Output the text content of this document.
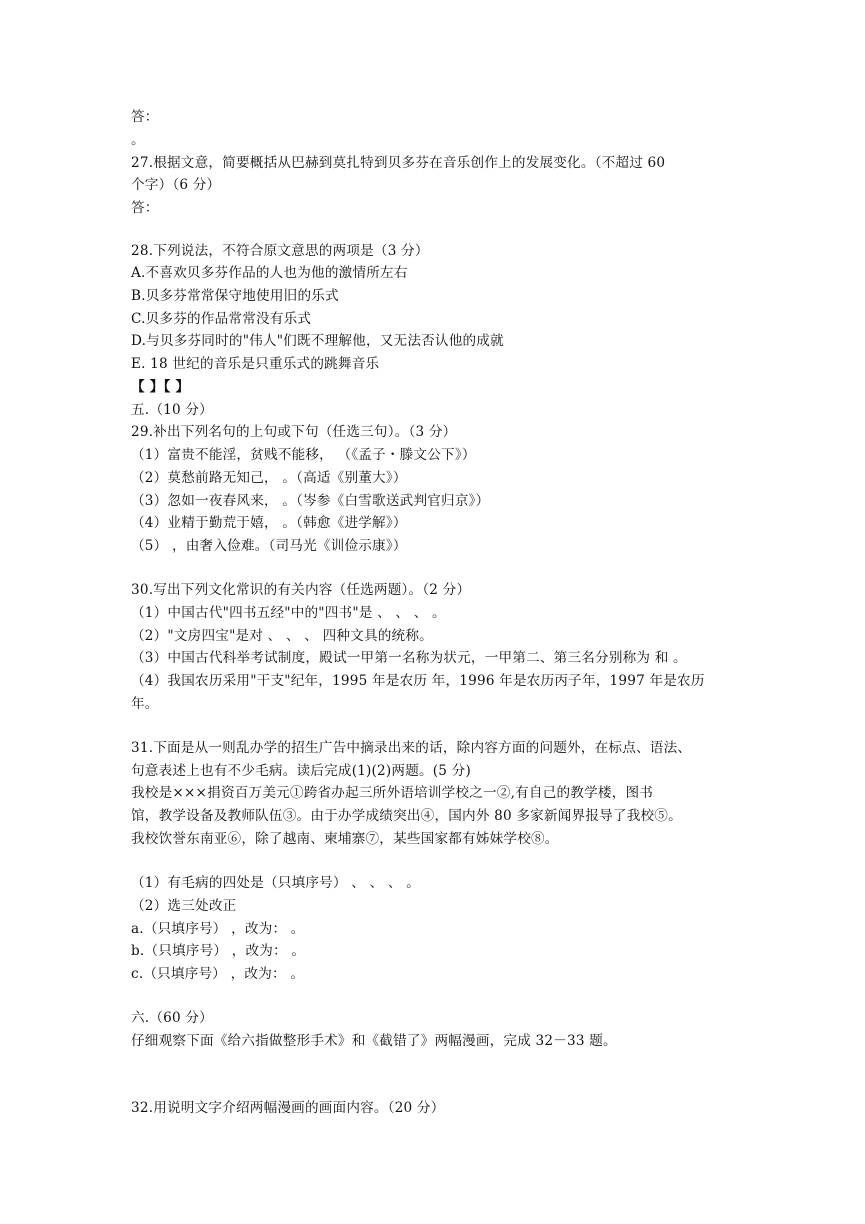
答：
。
27.根据文意，简要概括从巴赫到莫扎特到贝多芬在音乐创作上的发展变化。（不超过 60
个字）（6 分）
答：
28.下列说法，不符合原文意思的两项是（3 分）
A.不喜欢贝多芬作品的人也为他的激情所左右
B.贝多芬常常保守地使用旧的乐式
C.贝多芬的作品常常没有乐式
D.与贝多芬同时的"伟人"们既不理解他，又无法否认他的成就
E. 18 世纪的音乐是只重乐式的跳舞音乐
【 】【 】
五.（10 分）
29.补出下列名句的上句或下句（任选三句）。（3 分）
（1）富贵不能淫，贫贱不能移， （《孟子・滕文公下》）
（2）莫愁前路无知己， 。（高适《别董大》）
（3）忽如一夜春风来， 。（岑参《白雪歌送武判官归京》）
（4）业精于勤荒于嬉， 。（韩愈《进学解》）
（5） ，由奢入俭难。（司马光《训俭示康》）
30.写出下列文化常识的有关内容（任选两题）。（2 分）
（1）中国古代"四书五经"中的"四书"是 、 、 、 。
（2）"文房四宝"是对 、 、 、 四种文具的统称。
（3）中国古代科举考试制度，殿试一甲第一名称为状元，一甲第二、第三名分别称为 和 。
（4）我国农历采用"干支"纪年，1995 年是农历 年，1996 年是农历丙子年，1997 年是农历
年。
31.下面是从一则乱办学的招生广告中摘录出来的话，除内容方面的问题外，在标点、语法、
句意表述上也有不少毛病。读后完成(1)(2)两题。(5 分)
我校是×××捐资百万美元①跨省办起三所外语培训学校之一②,有自己的教学楼，图书
馆，教学设备及教师队伍③。由于办学成绩突出④，国内外 80 多家新闻界报导了我校⑤。
我校饮誉东南亚⑥，除了越南、柬埔寨⑦，某些国家都有姊妹学校⑧。
（1）有毛病的四处是（只填序号） 、 、 、 。
（2）选三处改正
a.（只填序号） ，改为： 。
b.（只填序号） ，改为： 。
c.（只填序号） ，改为： 。
六.（60 分）
仔细观察下面《给六指做整形手术》和《截错了》两幅漫画，完成 32－33 题。
32.用说明文字介绍两幅漫画的画面内容。（20 分）
